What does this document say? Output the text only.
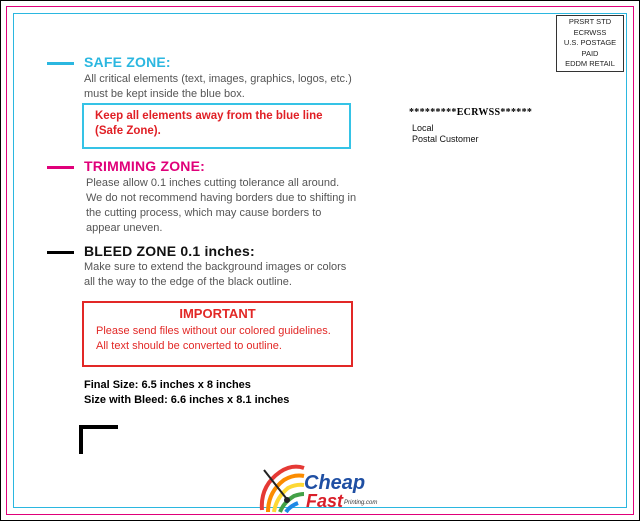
SAFE ZONE:
All critical elements (text, images, graphics, logos, etc.)
must be kept inside the blue box.
Keep all elements away from the blue line
(Safe Zone).
TRIMMING ZONE:
Please allow 0.1 inches cutting tolerance all around.
We do not recommend having borders due to shifting in
the cutting process, which may cause borders to
appear uneven.
BLEED ZONE 0.1 inches:
Make sure to extend the background images or colors
all the way to the edge of the black outline.
IMPORTANT
Please send files without our colored guidelines.
All text should be converted to outline.
Final Size: 6.5 inches x 8 inches
Size with Bleed: 6.6 inches x 8.1 inches
PRSRT STD
ECRWSS
U.S. POSTAGE
PAID
EDDM RETAIL
*********ECRWSS******
Local
Postal Customer
Cheap
Fast Printing.com
